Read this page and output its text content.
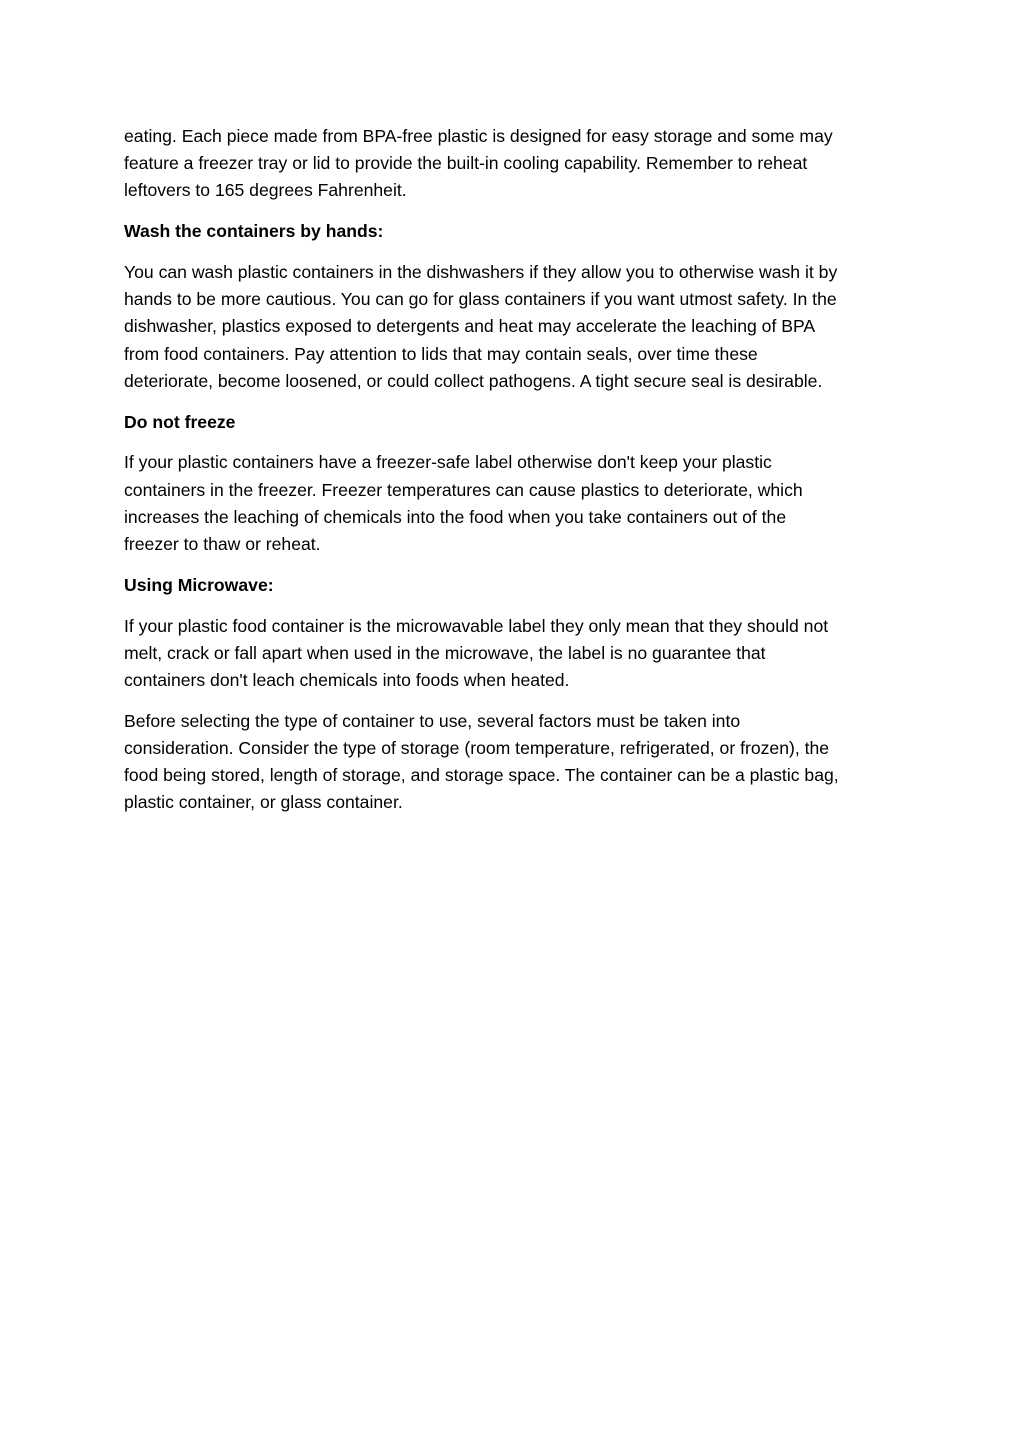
eating. Each piece made from BPA-free plastic is designed for easy storage and some may
feature a freezer tray or lid to provide the built-in cooling capability. Remember to reheat
leftovers to 165 degrees Fahrenheit.

Wash the containers by hands:

You can wash plastic containers in the dishwashers if they allow you to otherwise wash it by
hands to be more cautious. You can go for glass containers if you want utmost safety. In the
dishwasher, plastics exposed to detergents and heat may accelerate the leaching of BPA
from food containers. Pay attention to lids that may contain seals, over time these
deteriorate, become loosened, or could collect pathogens. A tight secure seal is desirable.

Do not freeze

If your plastic containers have a freezer-safe label otherwise don't keep your plastic
containers in the freezer. Freezer temperatures can cause plastics to deteriorate, which
increases the leaching of chemicals into the food when you take containers out of the
freezer to thaw or reheat.

Using Microwave:

If your plastic food container is the microwavable label they only mean that they should not
melt, crack or fall apart when used in the microwave, the label is no guarantee that
containers don't leach chemicals into foods when heated.

Before selecting the type of container to use, several factors must be taken into
consideration. Consider the type of storage (room temperature, refrigerated, or frozen), the
food being stored, length of storage, and storage space. The container can be a plastic bag,
plastic container, or glass container.
